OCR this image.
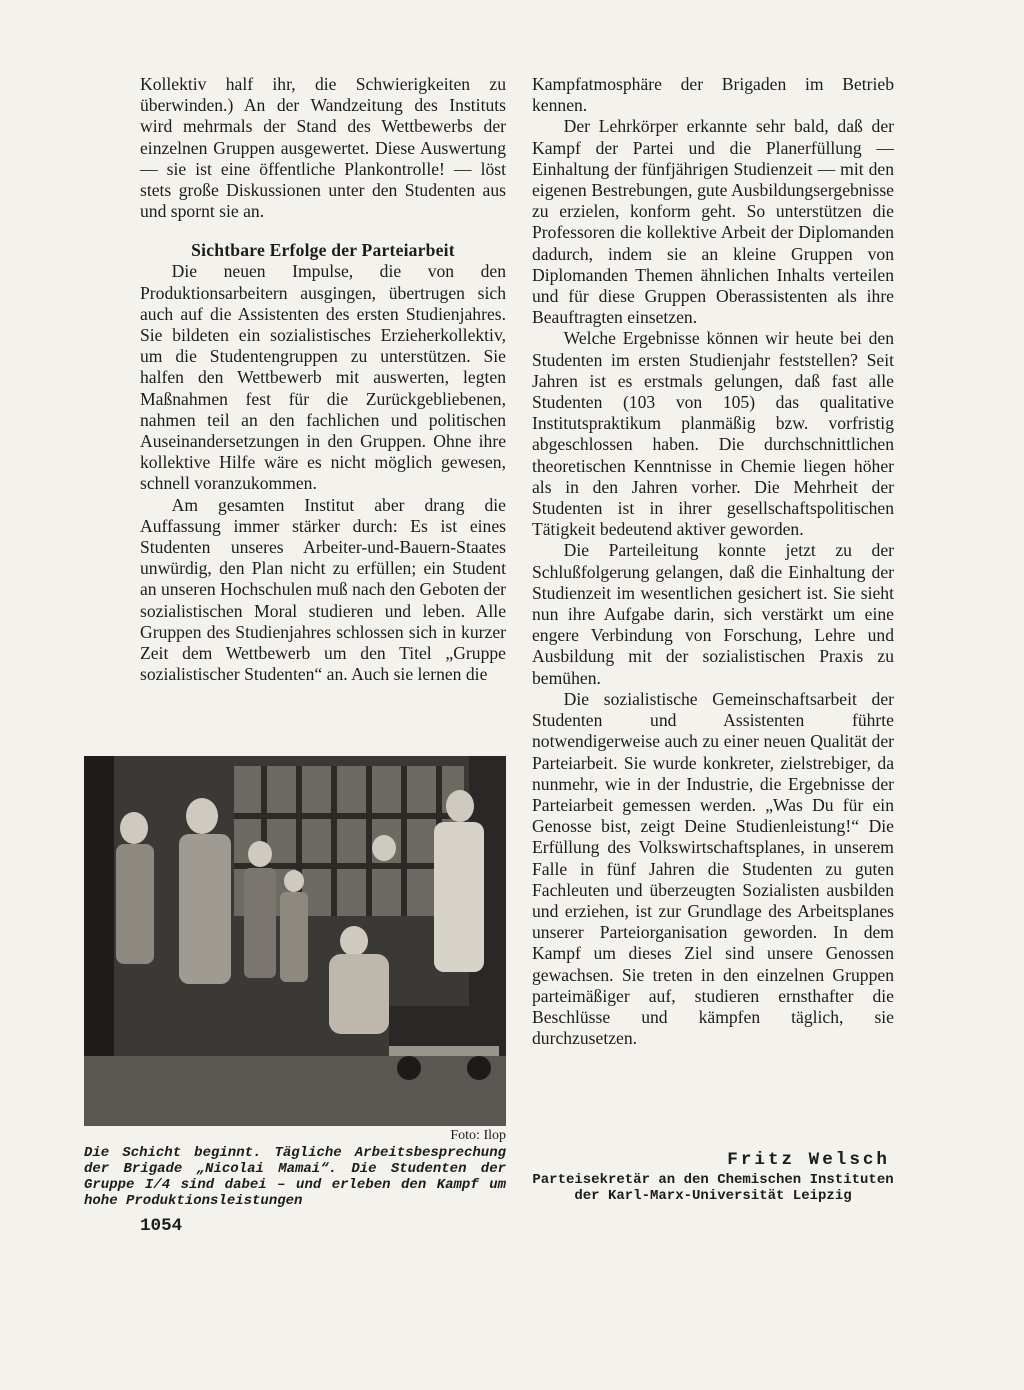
Kollektiv half ihr, die Schwierigkeiten zu überwinden.) An der Wandzeitung des Instituts wird mehrmals der Stand des Wettbewerbs der einzelnen Gruppen ausgewertet. Diese Auswertung — sie ist eine öffentliche Plankontrolle! — löst stets große Diskussionen unter den Studenten aus und spornt sie an.

Sichtbare Erfolge der Parteiarbeit

Die neuen Impulse, die von den Produktionsarbeitern ausgingen, übertrugen sich auch auf die Assistenten des ersten Studienjahres. Sie bildeten ein sozialistisches Erzieherkollektiv, um die Studentengruppen zu unterstützen. Sie halfen den Wettbewerb mit auswerten, legten Maßnahmen fest für die Zurückgebliebenen, nahmen teil an den fachlichen und politischen Auseinandersetzungen in den Gruppen. Ohne ihre kollektive Hilfe wäre es nicht möglich gewesen, schnell voranzukommen.

Am gesamten Institut aber drang die Auffassung immer stärker durch: Es ist eines Studenten unseres Arbeiter-und-Bauern-Staates unwürdig, den Plan nicht zu erfüllen; ein Student an unseren Hochschulen muß nach den Geboten der sozialistischen Moral studieren und leben. Alle Gruppen des Studienjahres schlossen sich in kurzer Zeit dem Wettbewerb um den Titel „Gruppe sozialistischer Studenten“ an. Auch sie lernen die

Foto: Ilop
Die Schicht beginnt. Tägliche Arbeitsbesprechung der Brigade „Nicolai Mamai“. Die Studenten der Gruppe I/4 sind dabei – und erleben den Kampf um hohe Produktionsleistungen

Kampfatmosphäre der Brigaden im Betrieb kennen.

Der Lehrkörper erkannte sehr bald, daß der Kampf der Partei und die Planerfüllung — Einhaltung der fünfjährigen Studienzeit — mit den eigenen Bestrebungen, gute Ausbildungsergebnisse zu erzielen, konform geht. So unterstützen die Professoren die kollektive Arbeit der Diplomanden dadurch, indem sie an kleine Gruppen von Diplomanden Themen ähnlichen Inhalts verteilen und für diese Gruppen Oberassistenten als ihre Beauftragten einsetzen.

Welche Ergebnisse können wir heute bei den Studenten im ersten Studienjahr feststellen? Seit Jahren ist es erstmals gelungen, daß fast alle Studenten (103 von 105) das qualitative Institutspraktikum planmäßig bzw. vorfristig abgeschlossen haben. Die durchschnittlichen theoretischen Kenntnisse in Chemie liegen höher als in den Jahren vorher. Die Mehrheit der Studenten ist in ihrer gesellschaftspolitischen Tätigkeit bedeutend aktiver geworden.

Die Parteileitung konnte jetzt zu der Schlußfolgerung gelangen, daß die Einhaltung der Studienzeit im wesentlichen gesichert ist. Sie sieht nun ihre Aufgabe darin, sich verstärkt um eine engere Verbindung von Forschung, Lehre und Ausbildung mit der sozialistischen Praxis zu bemühen.

Die sozialistische Gemeinschaftsarbeit der Studenten und Assistenten führte notwendigerweise auch zu einer neuen Qualität der Parteiarbeit. Sie wurde konkreter, zielstrebiger, da nunmehr, wie in der Industrie, die Ergebnisse der Parteiarbeit gemessen werden. „Was Du für ein Genosse bist, zeigt Deine Studienleistung!“ Die Erfüllung des Volkswirtschaftsplanes, in unserem Falle in fünf Jahren die Studenten zu guten Fachleuten und überzeugten Sozialisten ausbilden und erziehen, ist zur Grundlage des Arbeitsplanes unserer Parteiorganisation geworden. In dem Kampf um dieses Ziel sind unsere Genossen gewachsen. Sie treten in den einzelnen Gruppen parteimäßiger auf, studieren ernsthafter die Beschlüsse und kämpfen täglich, sie durchzusetzen.

Fritz Welsch
Parteisekretär an den Chemischen Instituten
der Karl-Marx-Universität Leipzig
1054
